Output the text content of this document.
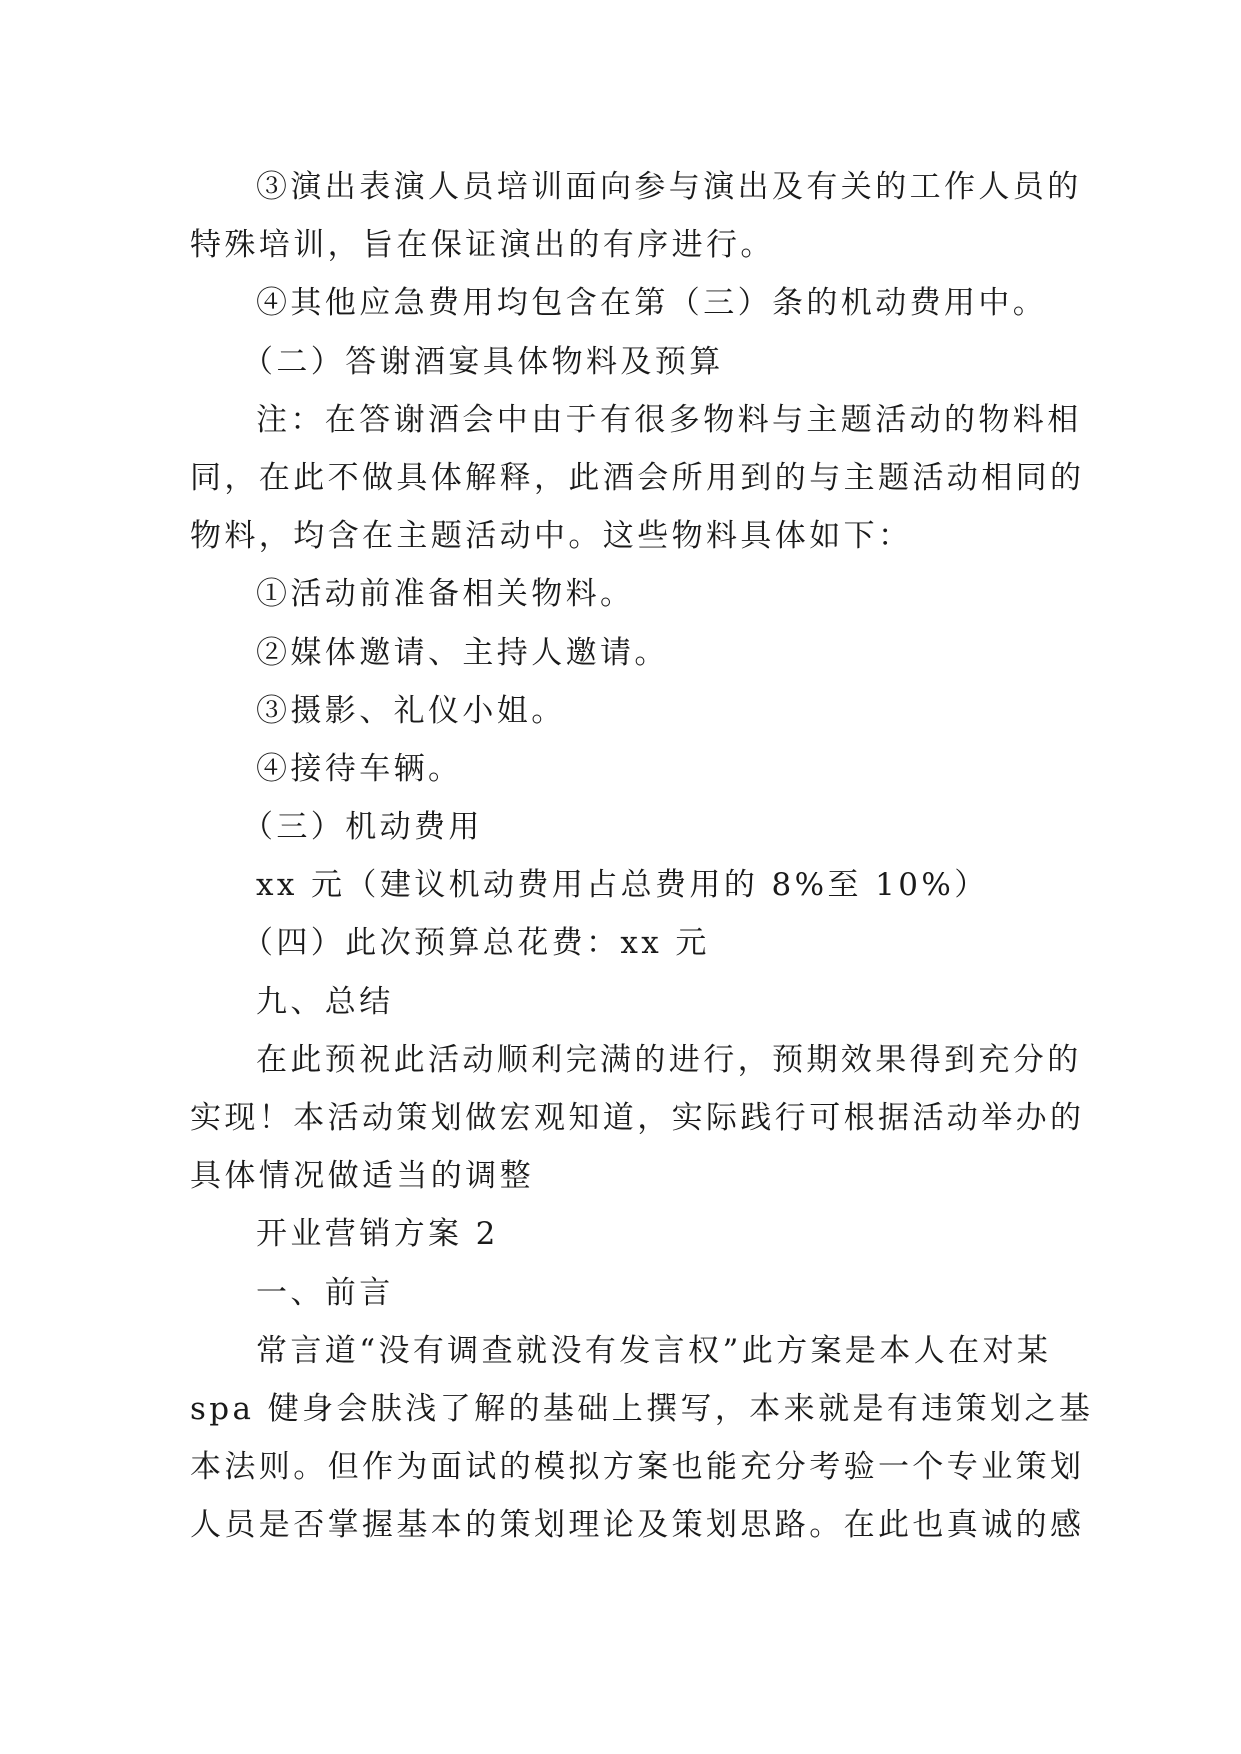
③演出表演人员培训面向参与演出及有关的工作人员的
特殊培训，旨在保证演出的有序进行。
④其他应急费用均包含在第（三）条的机动费用中。
（二）答谢酒宴具体物料及预算
注：在答谢酒会中由于有很多物料与主题活动的物料相
同，在此不做具体解释，此酒会所用到的与主题活动相同的
物料，均含在主题活动中。这些物料具体如下：
①活动前准备相关物料。
②媒体邀请、主持人邀请。
③摄影、礼仪小姐。
④接待车辆。
（三）机动费用
xx 元（建议机动费用占总费用的 8%至 10%）
（四）此次预算总花费：xx 元
九、总结
在此预祝此活动顺利完满的进行，预期效果得到充分的
实现！本活动策划做宏观知道，实际践行可根据活动举办的
具体情况做适当的调整
开业营销方案 2
一、前言
常言道“没有调查就没有发言权”此方案是本人在对某
spa 健身会肤浅了解的基础上撰写，本来就是有违策划之基
本法则。但作为面试的模拟方案也能充分考验一个专业策划
人员是否掌握基本的策划理论及策划思路。在此也真诚的感
